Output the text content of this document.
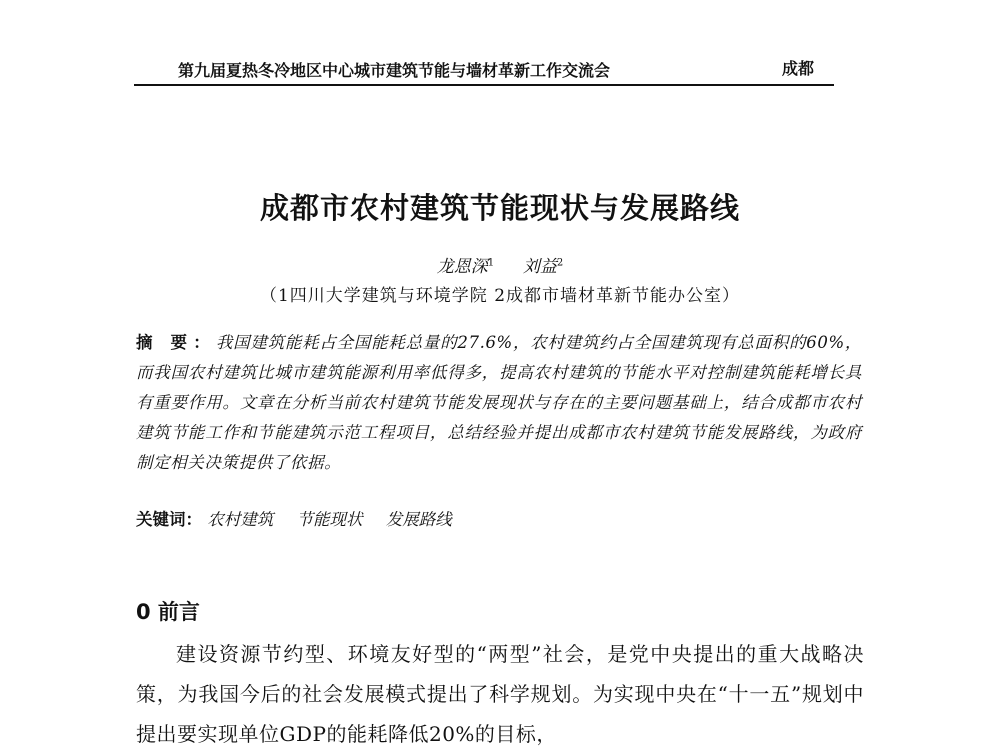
第九届夏热冬冷地区中心城市建筑节能与墙材革新工作交流会	成都
成都市农村建筑节能现状与发展路线
龙恩深$^1$ 刘益$^2$
（1四川大学建筑与环境学院 2成都市墙材革新节能办公室）
摘 要：我国建筑能耗占全国能耗总量的27.6%，农村建筑约占全国建筑现有总面积的60%，而我国农村建筑比城市建筑能源利用率低得多，提高农村建筑的节能水平对控制建筑能耗增长具有重要作用。文章在分析当前农村建筑节能发展现状与存在的主要问题基础上，结合成都市农村建筑节能工作和节能建筑示范工程项目，总结经验并提出成都市农村建筑节能发展路线，为政府制定相关决策提供了依据。
关键词： 农村建筑 节能现状 发展路线
0 前言
建设资源节约型、环境友好型的“两型”社会，是党中央提出的重大战略决策，为我国今后的社会发展模式提出了科学规划。为实现中央在“十一五”规划中提出要实现单位GDP的能耗降低20%的目标，
